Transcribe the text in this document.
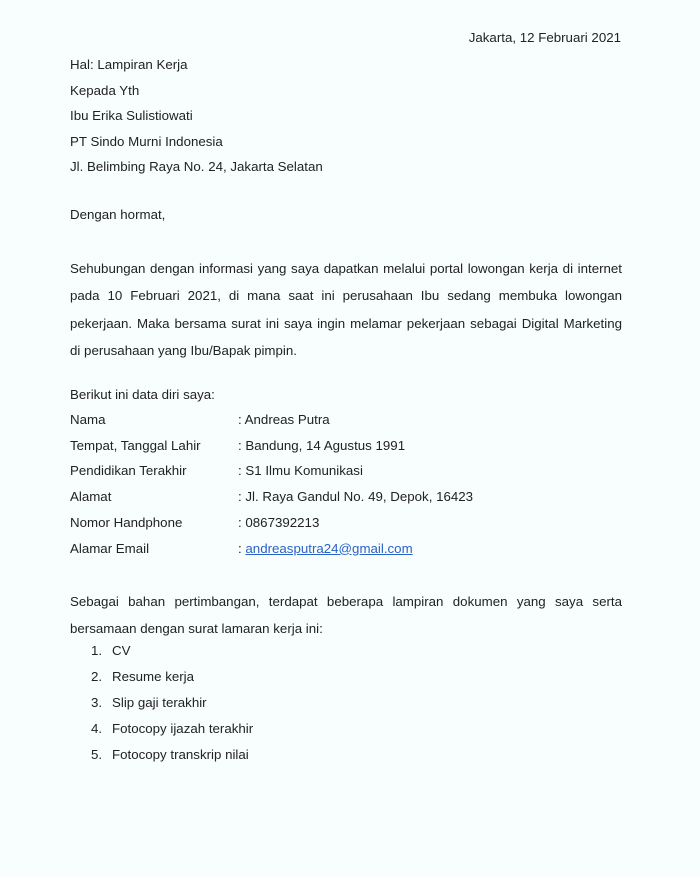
Jakarta, 12 Februari 2021
Hal: Lampiran Kerja
Kepada Yth
Ibu Erika Sulistiowati
PT Sindo Murni Indonesia
Jl. Belimbing Raya No. 24, Jakarta Selatan
Dengan hormat,
Sehubungan dengan informasi yang saya dapatkan melalui portal lowongan kerja di internet pada 10 Februari 2021, di mana saat ini perusahaan Ibu sedang membuka lowongan pekerjaan. Maka bersama surat ini saya ingin melamar pekerjaan sebagai Digital Marketing di perusahaan yang Ibu/Bapak pimpin.
Berikut ini data diri saya:
Nama	: Andreas Putra
Tempat, Tanggal Lahir	: Bandung, 14 Agustus 1991
Pendidikan Terakhir	: S1 Ilmu Komunikasi
Alamat	: Jl. Raya Gandul No. 49, Depok, 16423
Nomor Handphone	: 0867392213
Alamar Email	: andreasputra24@gmail.com
Sebagai bahan pertimbangan, terdapat beberapa lampiran dokumen yang saya serta bersamaan dengan surat lamaran kerja ini:
1. CV
2. Resume kerja
3. Slip gaji terakhir
4. Fotocopy ijazah terakhir
5. Fotocopy transkrip nilai
